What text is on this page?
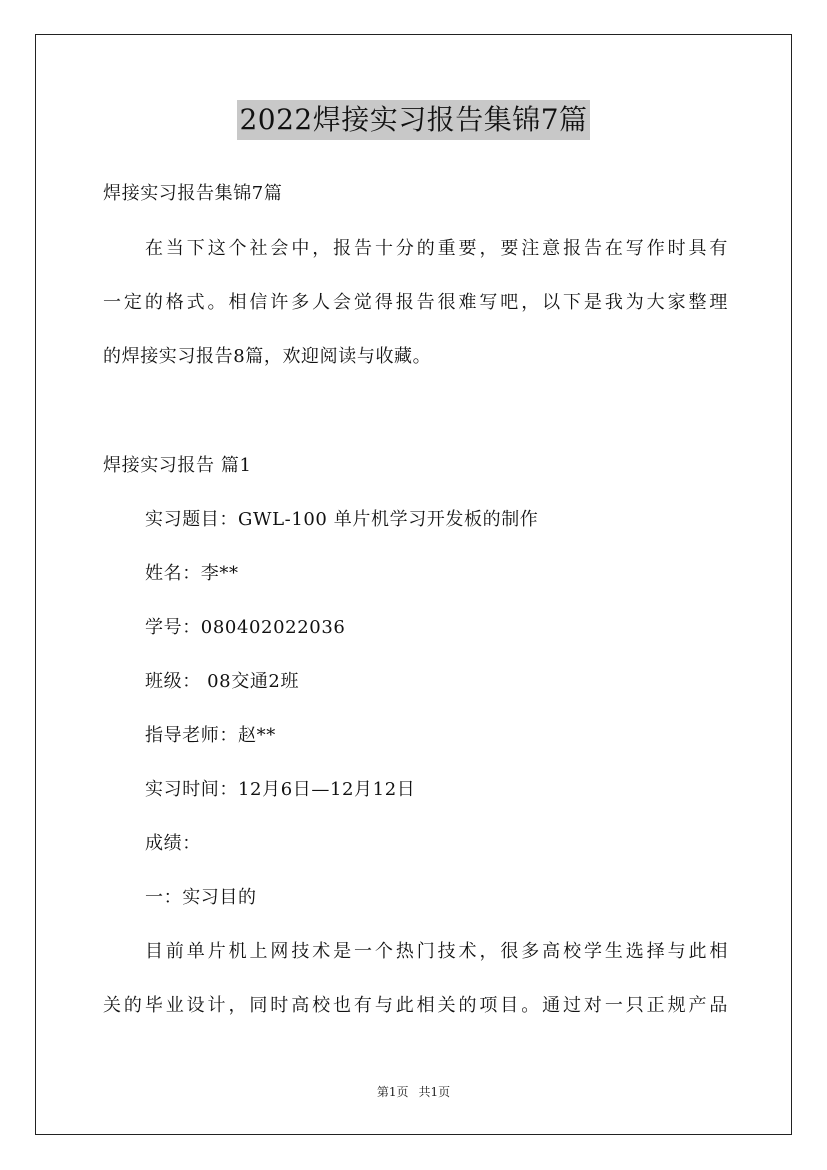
2022焊接实习报告集锦7篇
焊接实习报告集锦7篇
在当下这个社会中，报告十分的重要，要注意报告在写作时具有
一定的格式。相信许多人会觉得报告很难写吧，以下是我为大家整理
的焊接实习报告8篇，欢迎阅读与收藏。
焊接实习报告 篇1
实习题目：GWL-100 单片机学习开发板的制作
姓名：李**
学号：080402022036
班级： 08交通2班
指导老师：赵**
实习时间：12月6日—12月12日
成绩：
一：实习目的
目前单片机上网技术是一个热门技术，很多高校学生选择与此相
关的毕业设计，同时高校也有与此相关的项目。通过对一只正规产品
第1页 共1页
